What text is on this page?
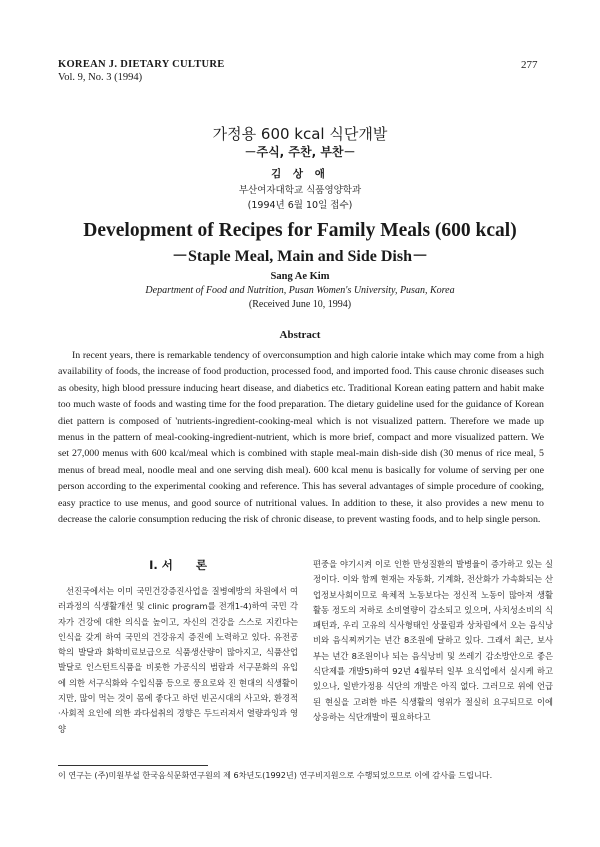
KOREAN J. DIETARY CULTURE
Vol. 9, No. 3 (1994)
277
가정용 600 kcal 식단개발
－주식, 주찬, 부찬－
김 상 애
부산여자대학교 식품영양학과
(1994년 6월 10일 접수)
Development of Recipes for Family Meals (600 kcal)
－Staple Meal, Main and Side Dish－
Sang Ae Kim
Department of Food and Nutrition, Pusan Women's University, Pusan, Korea
(Received June 10, 1994)
Abstract

In recent years, there is remarkable tendency of overconsumption and high calorie intake which may come from a high availability of foods, the increase of food production, processed food, and imported food. This cause chronic diseases such as obesity, high blood pressure inducing heart disease, and diabetics etc. Traditional Korean eating pattern and habit make too much waste of foods and wasting time for the food preparation. The dietary guideline used for the guidance of Korean diet pattern is composed of 'nutrients-ingredient-cooking-meal which is not visualized pattern. Therefore we made up menus in the pattern of meal-cooking-ingredient-nutrient, which is more brief, compact and more visualized pattern. We set 27,000 menus with 600 kcal/meal which is combined with staple meal-main dish-side dish (30 menus of rice meal, 5 menus of bread meal, noodle meal and one serving dish meal). 600 kcal menu is basically for volume of serving per one person according to the experimental cooking and reference. This has several advantages of simple procedure of cooking, easy practice to use menus, and good source of nutritional values. In addition to these, it also provides a new menu to decrease the calorie consumption reducing the risk of chronic disease, to prevent wasting foods, and to help single person.

선진국에서는 이미 국민건강증진사업을 질병예방의 차원에서 여러과정의 식생활개선 및 clinic program를 전개1-4)하여 국민 각자가 건강에 대한 의식을 높이고, 자신의 건강을 스스로 지킨다는 인식을 갖게 하여 국민의 건강유지 증진에 노력하고 있다. 유전공학의 발달과 화학비료보급으로 식품생산량이 많아지고, 식품산업발달로 인스턴트식품을 비롯한 가공식의 범람과 서구문화의 유입에 의한 서구식화와 수입식품 등으로 풍요로와 진 현대의 식생활이지만, 많이 먹는 것이 몸에 좋다고 하던 빈곤시대의 사고와, 환경적·사회적 요인에 의한 과다섭취의 경향은 두드러져서 열량과잉과 영양

I. 서　　론	편중을 야기시켜 이로 인한 만성질환의 발병율이 증가하고 있는 실정이다. 이와 함께 현재는 자동화, 기계화, 전산화가 가속화되는 산업정보사회이므로 육체적 노동보다는 정신적 노동이 많아져 생활활동 정도의 저하로 소비열량이 감소되고 있으며, 사치성소비의 식패턴과, 우리 고유의 식사형태인 상물림과 상차림에서 오는 음식낭비와 음식찌꺼기는 년간 8조원에 달하고 있다. 그래서 최근, 보사부는 년간 8조원이나 되는 음식낭비 및 쓰레기 감소방안으로 좋은 식단제를 개발5)하여 92년 4월부터 일부 요식업에서 실시케 하고 있으나, 일반가정용 식단의 개발은 아직 없다. 그러므로 위에 언급된 현실을 고려한 바른 식생활의 영위가 절실히 요구되므로 이에 상응하는 식단개발이 필요하다고

이 연구는 (주)미원부설 한국음식문화연구원의 제 6차년도(1992년) 연구비지원으로 수행되었으므로 이에 감사를 드립니다.
